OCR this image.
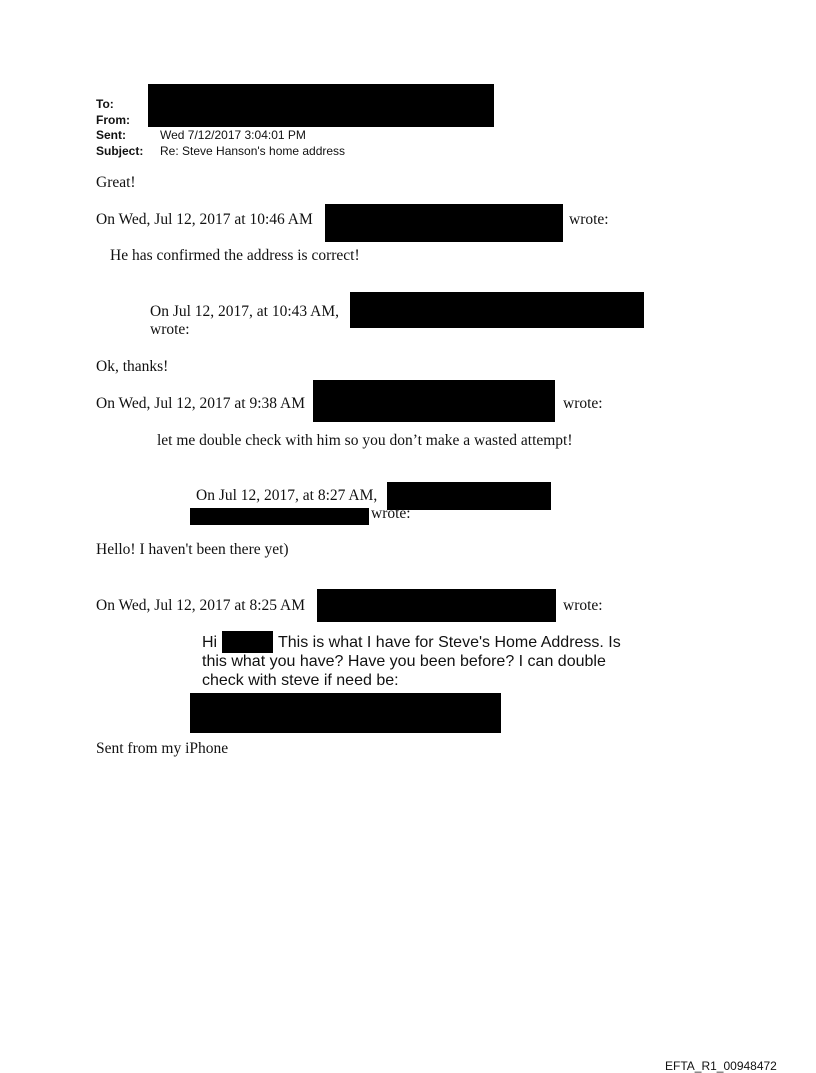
To:
From:
Sent:	Wed 7/12/2017 3:04:01 PM
Subject: Re: Steve Hanson's home address
Great!
On Wed, Jul 12, 2017 at 10:46 AM	wrote:
He has confirmed the address is correct!
On Jul 12, 2017, at 10:43 AM,
wrote:
Ok, thanks!
On Wed, Jul 12, 2017 at 9:38 AM	wrote:
let me double check with him so you don’t make a wasted attempt!
On Jul 12, 2017, at 8:27 AM,
wrote:
Hello! I haven't been there yet)
On Wed, Jul 12, 2017 at 8:25 AM	wrote:
Hi	This is what I have for Steve's Home Address. Is
this what you have? Have you been before? I can double
check with steve if need be:
Sent from my iPhone
EFTA_R1_00948472
